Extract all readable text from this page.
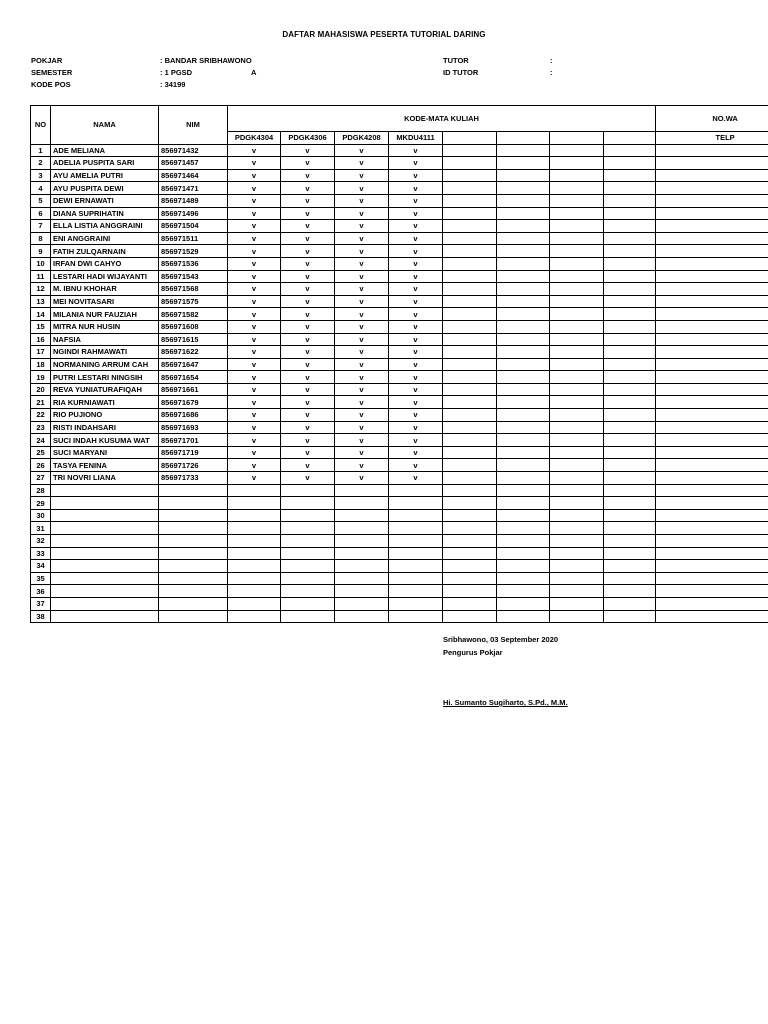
DAFTAR MAHASISWA PESERTA TUTORIAL DARING
POKJAR	: BANDAR SRIBHAWONO
SEMESTER	: 1 PGSD	A
KODE POS	: 34199
TUTOR	:
ID TUTOR	:
NO	NAMA	NIM	KODE-MATA KULIAH								NO.WA
			PDGK4304	PDGK4306	PDGK4208	MKDU4111					TELP
1	ADE MELIANA	856971432	v	v	v	v					
2	ADELIA PUSPITA SARI	856971457	v	v	v	v					
3	AYU AMELIA PUTRI	856971464	v	v	v	v					
4	AYU PUSPITA DEWI	856971471	v	v	v	v					
5	DEWI ERNAWATI	856971489	v	v	v	v					
6	DIANA SUPRIHATIN	856971496	v	v	v	v					
7	ELLA LISTIA ANGGRAINI	856971504	v	v	v	v					
8	ENI ANGGRAINI	856971511	v	v	v	v					
9	FATIH ZULQARNAIN	856971529	v	v	v	v					
10	IRFAN DWI CAHYO	856971536	v	v	v	v					
11	LESTARI HADI WIJAYANTI	856971543	v	v	v	v					
12	M. IBNU KHOHAR	856971568	v	v	v	v					
13	MEI NOVITASARI	856971575	v	v	v	v					
14	MILANIA NUR FAUZIAH	856971582	v	v	v	v					
15	MITRA NUR HUSIN	856971608	v	v	v	v					
16	NAFSIA	856971615	v	v	v	v					
17	NGINDI RAHMAWATI	856971622	v	v	v	v					
18	NORMANING ARRUM CAH	856971647	v	v	v	v					
19	PUTRI LESTARI NINGSIH	856971654	v	v	v	v					
20	REVA YUNIATURAFIQAH	856971661	v	v	v	v					
21	RIA KURNIAWATI	856971679	v	v	v	v					
22	RIO PUJIONO	856971686	v	v	v	v					
23	RISTI INDAHSARI	856971693	v	v	v	v					
24	SUCI INDAH KUSUMA WAT	856971701	v	v	v	v					
25	SUCI MARYANI	856971719	v	v	v	v					
26	TASYA FENINA	856971726	v	v	v	v					
27	TRI NOVRI LIANA	856971733	v	v	v	v					
28											
29											
30											
31											
32											
33											
34											
35											
36											
37											
38											
Sribhawono, 03 September 2020
Pengurus Pokjar
Hi. Sumanto Sugiharto, S.Pd., M.M.
